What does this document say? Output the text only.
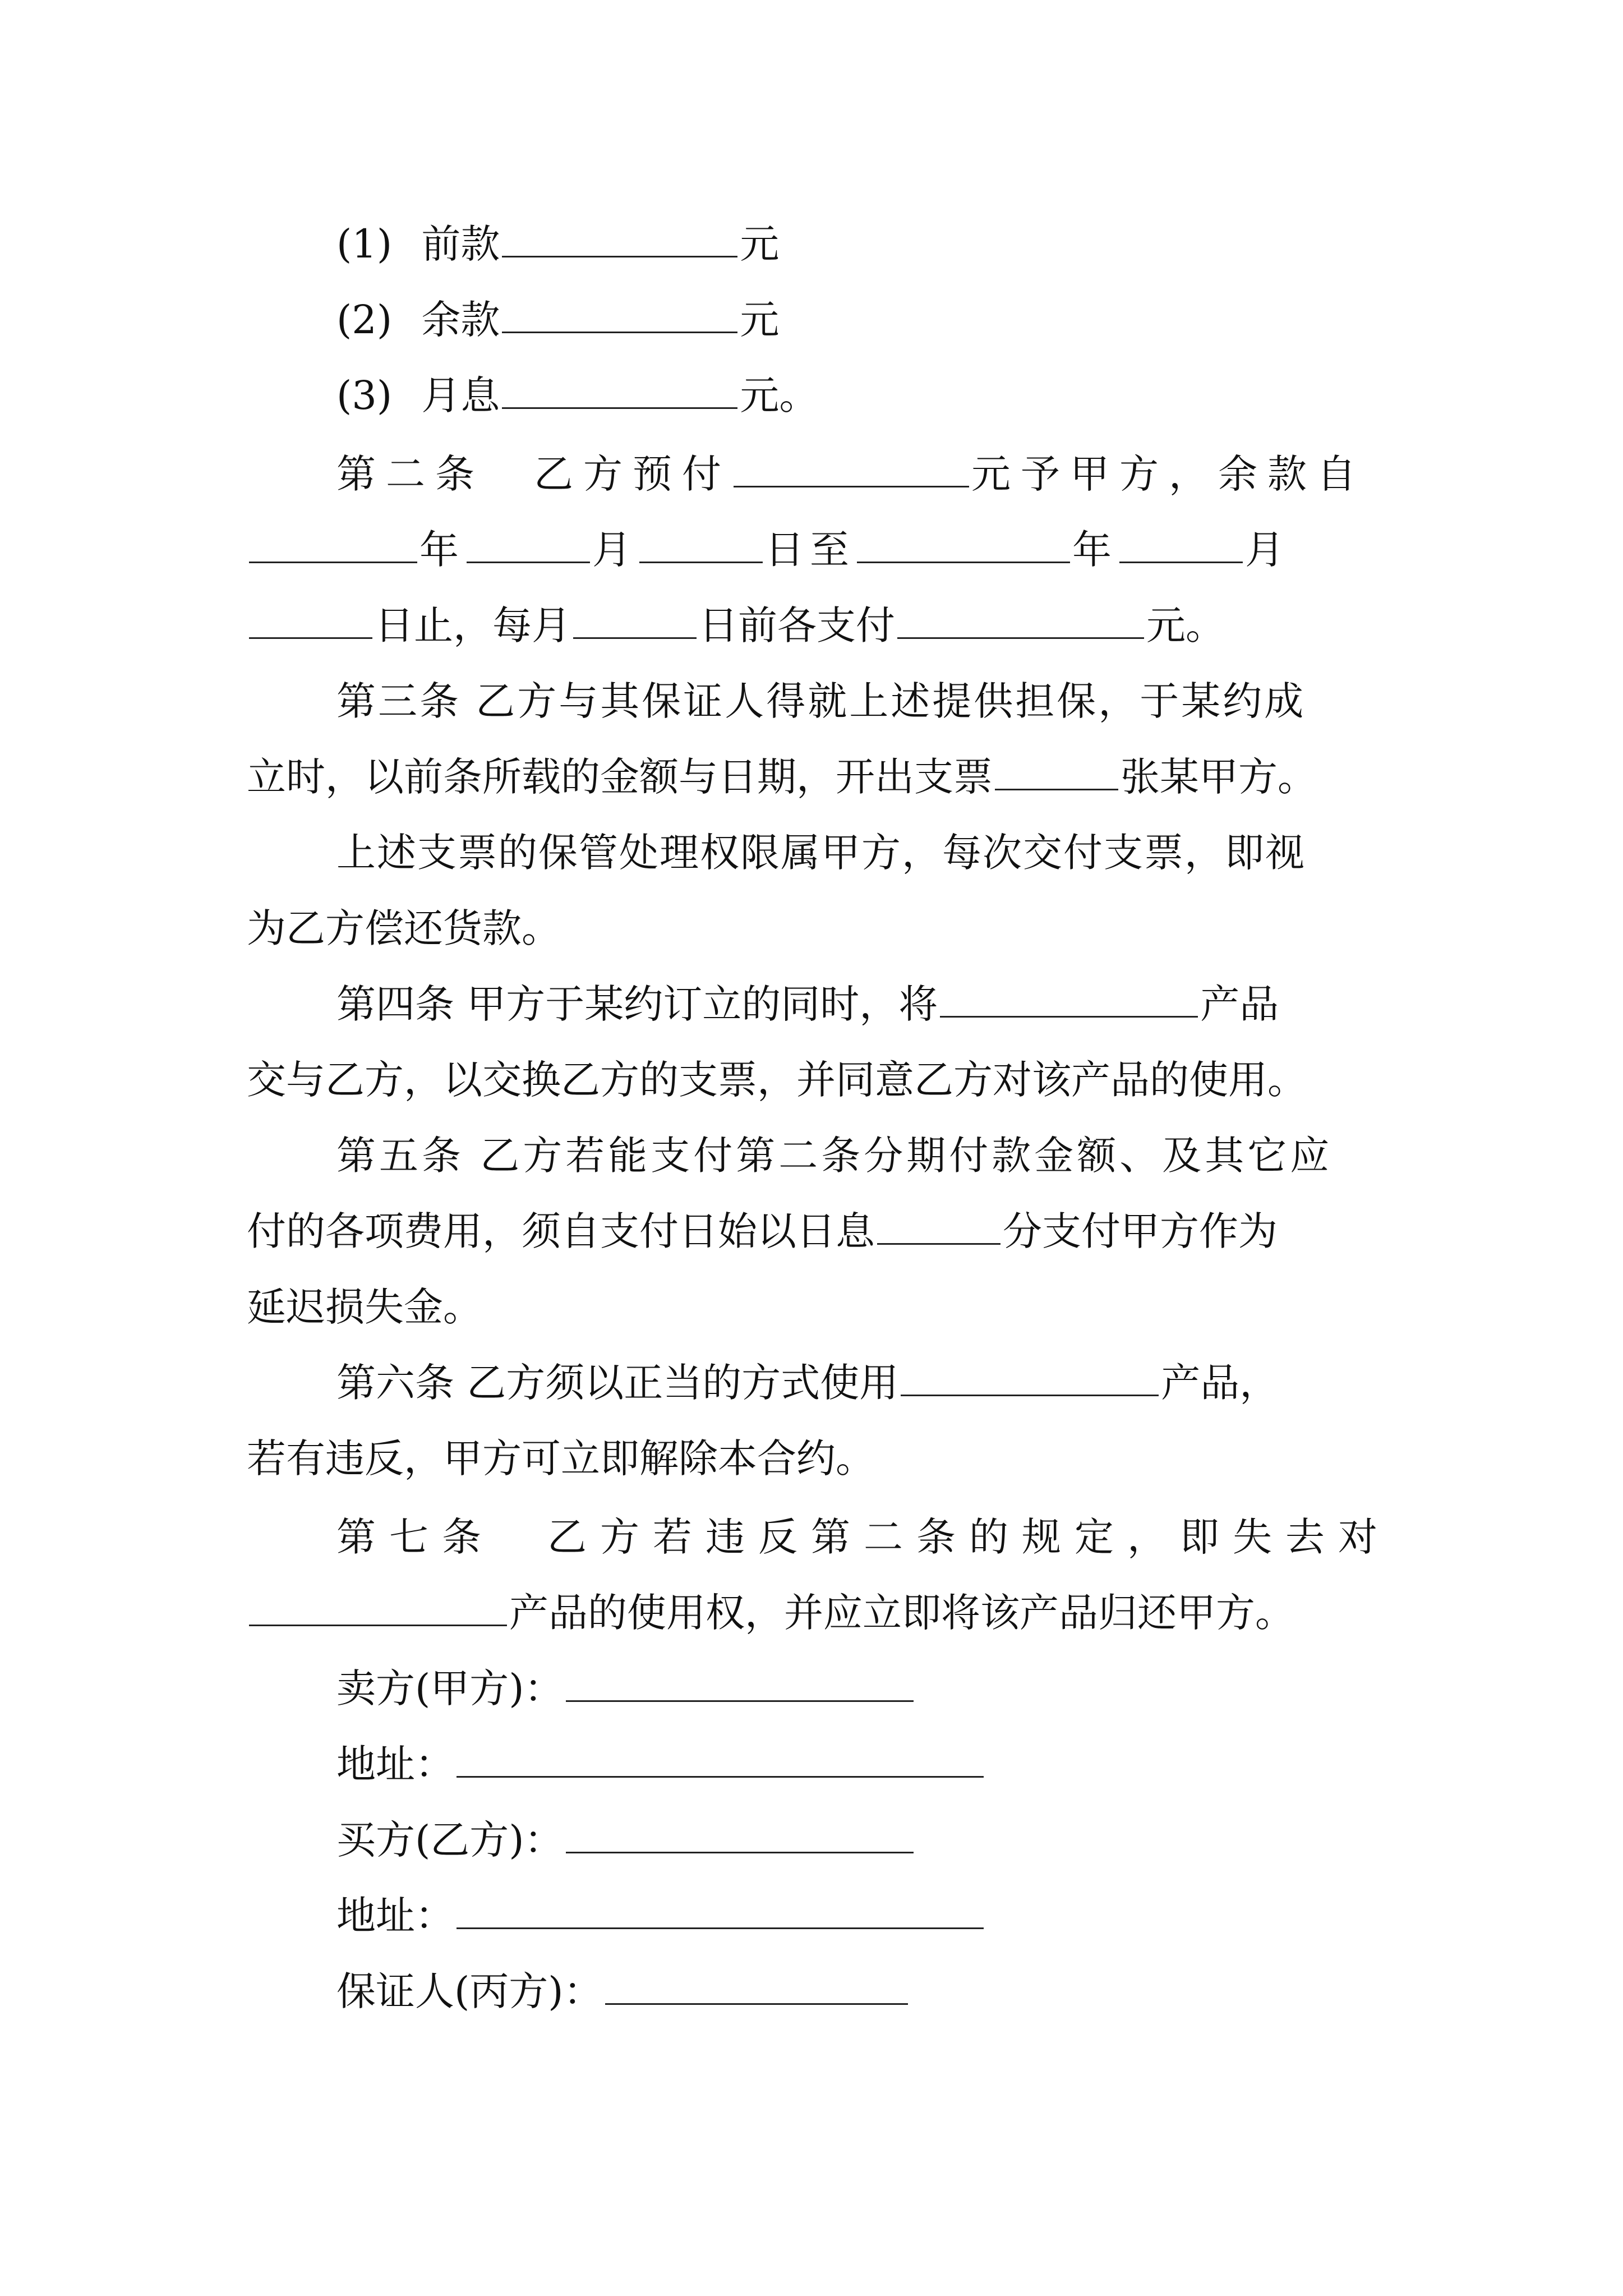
(1) 前款	元
(2) 余款	元
(3) 月息	元。
第二条　乙方预付	元予甲方，余款自
年	月	日至	年	月
日止，每月	日前各支付	元。
第三条 乙方与其保证人得就上述提供担保，于某约成
立时，以前条所载的金额与日期，开出支票	张某甲方。
上述支票的保管处理权限属甲方，每次交付支票，即视
为乙方偿还货款。
第四条 甲方于某约订立的同时，将	产品
交与乙方，以交换乙方的支票，并同意乙方对该产品的使用。
第五条 乙方若能支付第二条分期付款金额、及其它应
付的各项费用，须自支付日始以日息	分支付甲方作为
延迟损失金。
第六条 乙方须以正当的方式使用	产品，
若有违反，甲方可立即解除本合约。
第七条　乙方若违反第二条的规定，即失去对
产品的使用权，并应立即将该产品归还甲方。
卖方(甲方)：
地址：
买方(乙方)：
地址：
保证人(丙方)：
